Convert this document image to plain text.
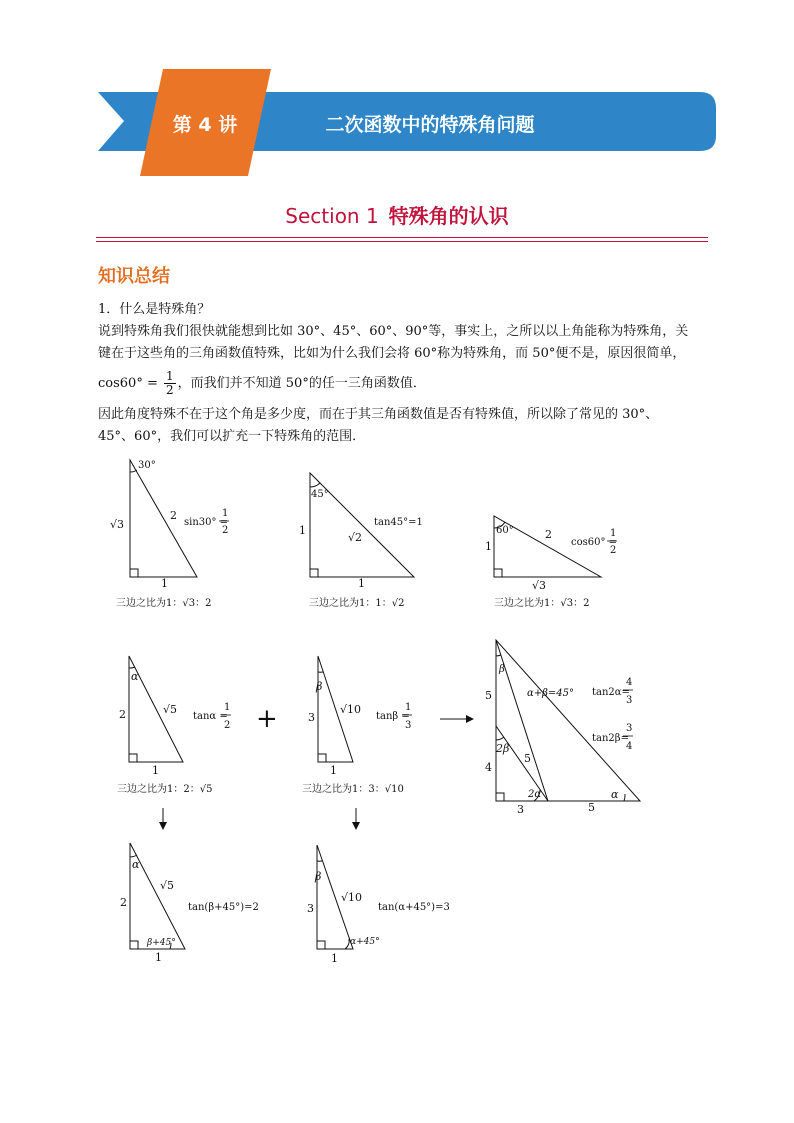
第 4 讲	二次函数中的特殊角问题
Section 1 特殊角的认识
知识总结
1．什么是特殊角？
说到特殊角我们很快就能想到比如 30°、45°、60°、90°等，事实上，之所以以上角能称为特殊角，关
键在于这些角的三角函数值特殊，比如为什么我们会将 60°称为特殊角，而 50°便不是，原因很简单，
$\cos 60^\circ = \frac{1}{2}$ ，而我们并不知道 50°的任一三角函数值．
因此角度特殊不在于这个角是多少度，而在于其三角函数值是否有特殊值，所以除了常见的 30°、
45°、60°，我们可以扩充一下特殊角的范围．
30°
2
√3
1
sin30° =
1
2
三边之比为1：√3：2
45°
√2
1
1
tan45°=1
三边之比为1：1：√2
60°	2
1
√3
cos60° =
1
2
三边之比为1：√3：2
α
√5
2
1
tanα =
1
2
三边之比为1：2：√5
+
β
√10
3
1
tanβ =
1
3
三边之比为1：3：√10
β
α+β=45°
5
2β
5
4
2α	α
3	5
tan2α=
4
3
tan2β=
3
4
α
√5
2
1
β+45°
tan(β+45°)=2
β
√10
3
1
α+45°
tan(α+45°)=3
